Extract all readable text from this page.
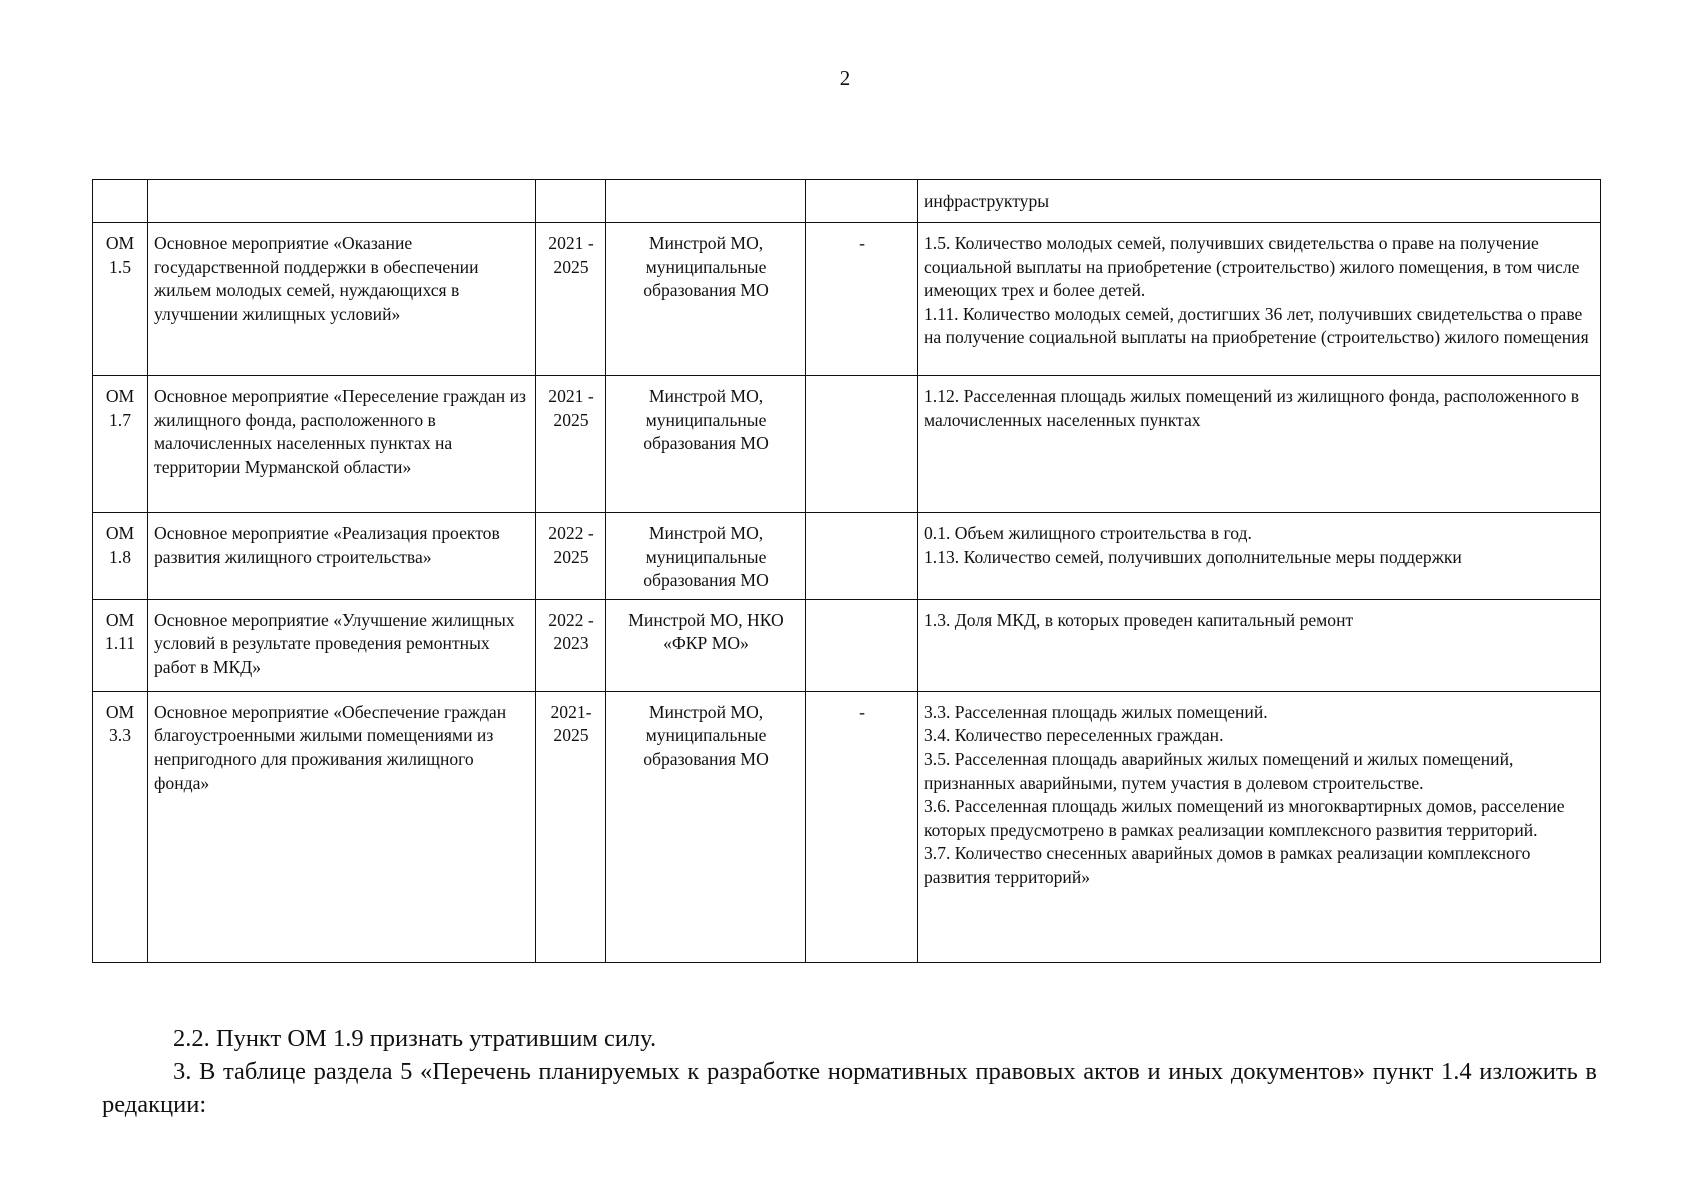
2

					инфраструктуры

ОМ 1.5	Основное мероприятие «Оказание государственной поддержки в обеспечении жильем молодых семей, нуждающихся в улучшении жилищных условий»	2021 - 2025	Минстрой МО, муниципальные образования МО	-	1.5. Количество молодых семей, получивших свидетельства о праве на получение социальной выплаты на приобретение (строительство) жилого помещения, в том числе имеющих трех и более детей.
1.11. Количество молодых семей, достигших 36 лет, получивших свидетельства о праве на получение социальной выплаты на приобретение (строительство) жилого помещения

ОМ 1.7	Основное мероприятие «Переселение граждан из жилищного фонда, расположенного в малочисленных населенных пунктах на территории Мурманской области»	2021 - 2025	Минстрой МО, муниципальные образования МО		1.12. Расселенная площадь жилых помещений из жилищного фонда, расположенного в малочисленных населенных пунктах

ОМ 1.8	Основное мероприятие «Реализация проектов развития жилищного строительства»	2022 - 2025	Минстрой МО, муниципальные образования МО		0.1. Объем жилищного строительства в год.
1.13. Количество семей, получивших дополнительные меры поддержки

ОМ 1.11	Основное мероприятие «Улучшение жилищных условий в результате проведения ремонтных работ в МКД»	2022 - 2023	Минстрой МО, НКО «ФКР МО»		1.3. Доля МКД, в которых проведен капитальный ремонт

ОМ 3.3	Основное мероприятие «Обеспечение граждан благоустроенными жилыми помещениями из непригодного для проживания жилищного фонда»	2021- 2025	Минстрой МО, муниципальные образования МО	-	3.3. Расселенная площадь жилых помещений.
3.4. Количество переселенных граждан.
3.5. Расселенная площадь аварийных жилых помещений и жилых помещений, признанных аварийными, путем участия в долевом строительстве.
3.6. Расселенная площадь жилых помещений из многоквартирных домов, расселение которых предусмотрено в рамках реализации комплексного развития территорий.
3.7. Количество снесенных аварийных домов в рамках реализации комплексного развития территорий»
2.2. Пункт ОМ 1.9 признать утратившим силу.
3. В таблице раздела 5 «Перечень планируемых к разработке нормативных правовых актов и иных документов» пункт 1.4 изложить в редакции:
